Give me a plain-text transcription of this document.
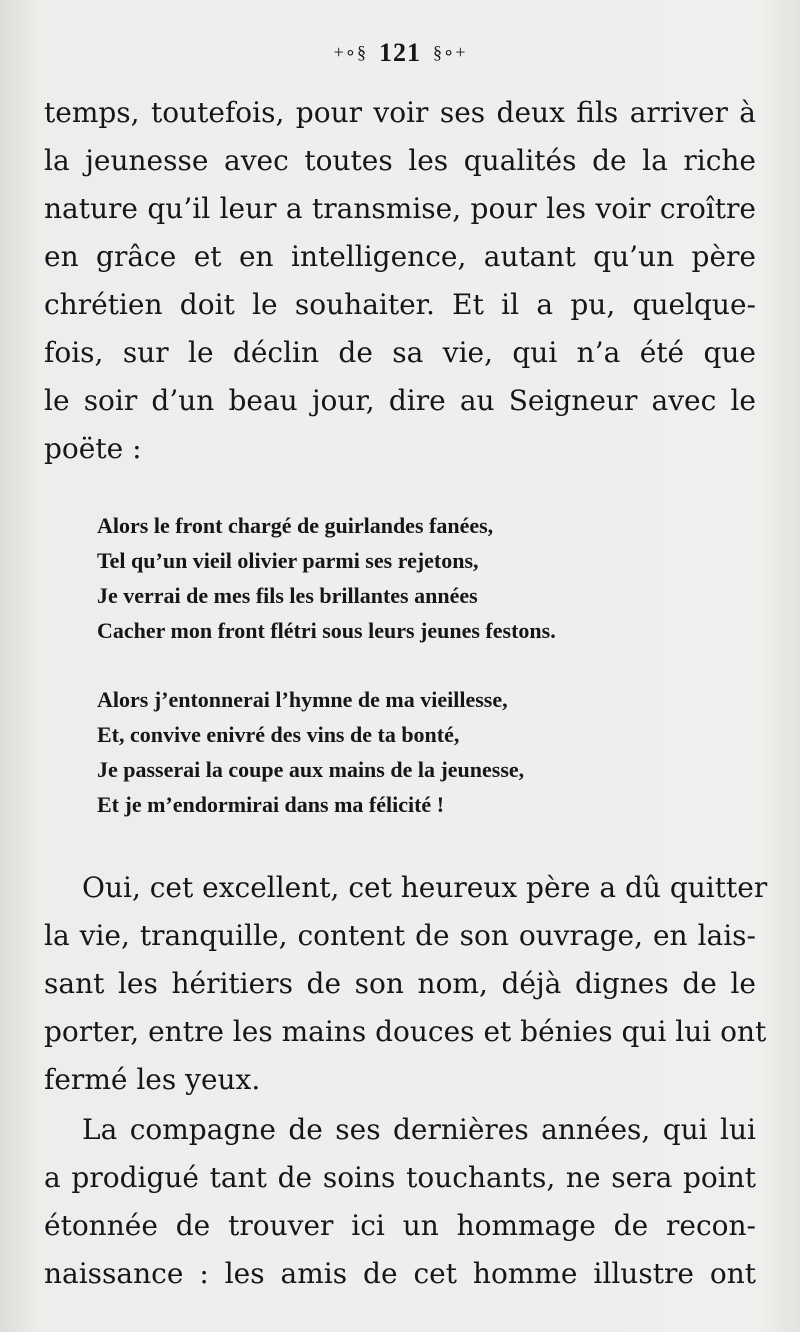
+∘§ 121 §∘+
temps, toutefois, pour voir ses deux fils arriver à
la jeunesse avec toutes les qualités de la riche
nature qu’il leur a transmise, pour les voir croître
en grâce et en intelligence, autant qu’un père
chrétien doit le souhaiter. Et il a pu, quelque-
fois, sur le déclin de sa vie, qui n’a été que
le soir d’un beau jour, dire au Seigneur avec le
poëte :
Alors le front chargé de guirlandes fanées,
Tel qu’un vieil olivier parmi ses rejetons,
Je verrai de mes fils les brillantes années
Cacher mon front flétri sous leurs jeunes festons.
Alors j’entonnerai l’hymne de ma vieillesse,
Et, convive enivré des vins de ta bonté,
Je passerai la coupe aux mains de la jeunesse,
Et je m’endormirai dans ma félicité !
Oui, cet excellent, cet heureux père a dû quitter
la vie, tranquille, content de son ouvrage, en lais-
sant les héritiers de son nom, déjà dignes de le
porter, entre les mains douces et bénies qui lui ont
fermé les yeux.
La compagne de ses dernières années, qui lui
a prodigué tant de soins touchants, ne sera point
étonnée de trouver ici un hommage de recon-
naissance : les amis de cet homme illustre ont
